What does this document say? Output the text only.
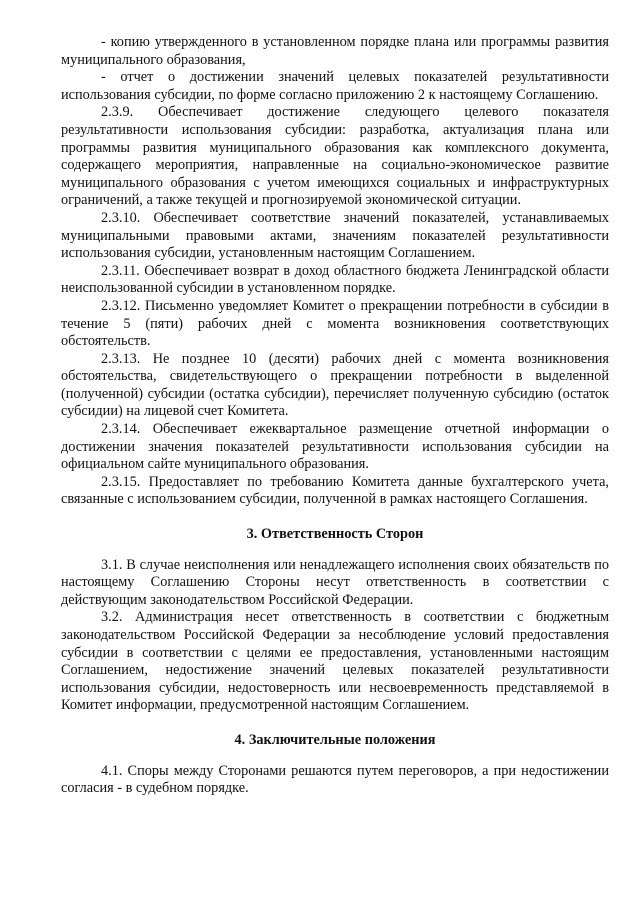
- копию утвержденного в установленном порядке плана или программы развития муниципального образования,

- отчет о достижении значений целевых показателей результативности использования субсидии, по форме согласно приложению 2 к настоящему Соглашению.

2.3.9. Обеспечивает достижение следующего целевого показателя результативности использования субсидии: разработка, актуализация плана или программы развития муниципального образования как комплексного документа, содержащего мероприятия, направленные на социально-экономическое развитие муниципального образования с учетом имеющихся социальных и инфраструктурных ограничений, а также текущей и прогнозируемой экономической ситуации.

2.3.10. Обеспечивает соответствие значений показателей, устанавливаемых муниципальными правовыми актами, значениям показателей результативности использования субсидии, установленным настоящим Соглашением.

2.3.11. Обеспечивает возврат в доход областного бюджета Ленинградской области неиспользованной субсидии в установленном порядке.

2.3.12. Письменно уведомляет Комитет о прекращении потребности в субсидии в течение 5 (пяти) рабочих дней с момента возникновения соответствующих обстоятельств.

2.3.13. Не позднее 10 (десяти) рабочих дней с момента возникновения обстоятельства, свидетельствующего о прекращении потребности в выделенной (полученной) субсидии (остатка субсидии), перечисляет полученную субсидию (остаток субсидии) на лицевой счет Комитета.

2.3.14. Обеспечивает ежеквартальное размещение отчетной информации о достижении значения показателей результативности использования субсидии на официальном сайте муниципального образования.

2.3.15. Предоставляет по требованию Комитета данные бухгалтерского учета, связанные с использованием субсидии, полученной в рамках настоящего Соглашения.

3. Ответственность Сторон

3.1. В случае неисполнения или ненадлежащего исполнения своих обязательств по настоящему Соглашению Стороны несут ответственность в соответствии с действующим законодательством Российской Федерации.

3.2. Администрация несет ответственность в соответствии с бюджетным законодательством Российской Федерации за несоблюдение условий предоставления субсидии в соответствии с целями ее предоставления, установленными настоящим Соглашением, недостижение значений целевых показателей результативности использования субсидии, недостоверность или несвоевременность представляемой в Комитет информации, предусмотренной настоящим Соглашением.

4. Заключительные положения

4.1. Споры между Сторонами решаются путем переговоров, а при недостижении согласия - в судебном порядке.
